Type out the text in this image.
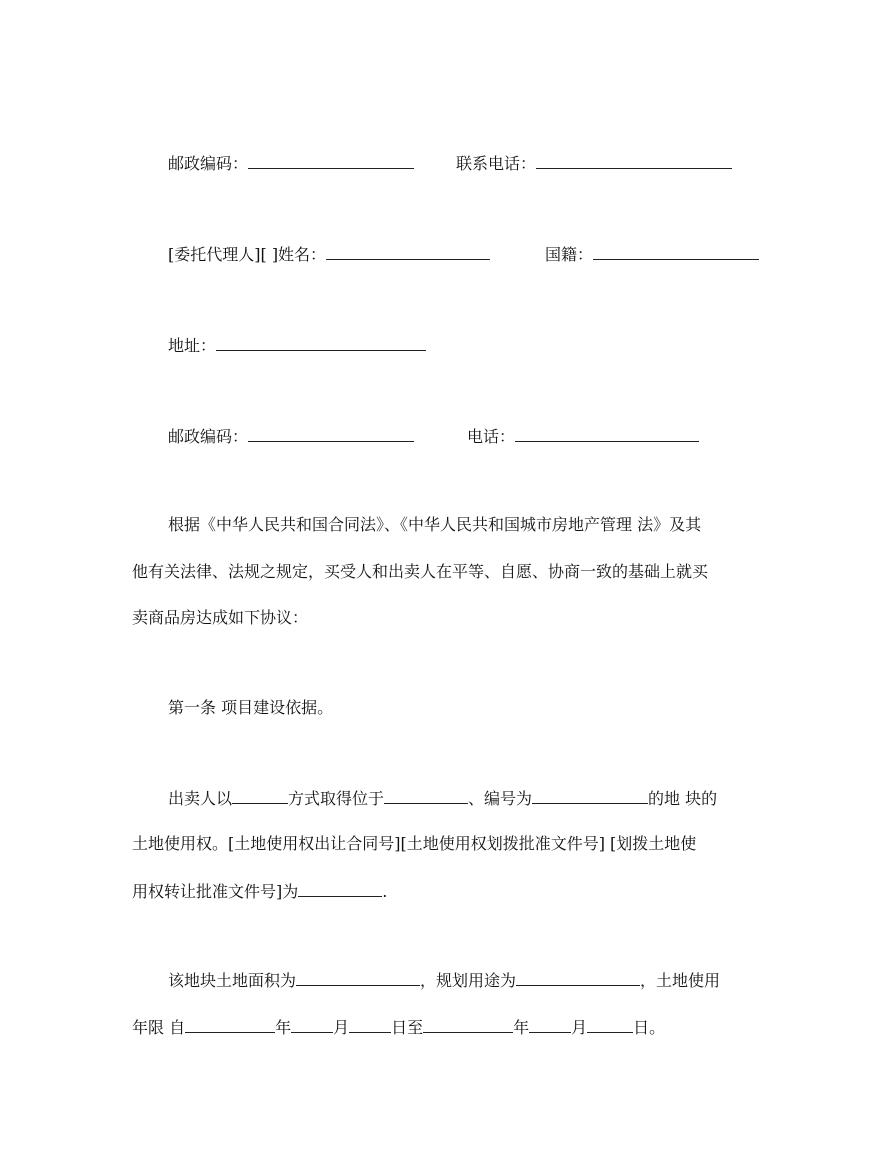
邮政编码：	联系电话：
[委托代理人][ ]姓名：	国籍：
地址：
邮政编码：	电话：
根据《中华人民共和国合同法》、《中华人民共和国城市房地产管理 法》及其
他有关法律、法规之规定，买受人和出卖人在平等、自愿、协商一致的基础上就买
卖商品房达成如下协议：
第一条 项目建设依据。
出卖人以	方式取得位于	、编号为	的地 块的
土地使用权。[土地使用权出让合同号][土地使用权划拨批准文件号] [划拨土地使
用权转让批准文件号]为	.
该地块土地面积为	，规划用途为	，土地使用
年限 自	年	月	日至	年	月	日。
